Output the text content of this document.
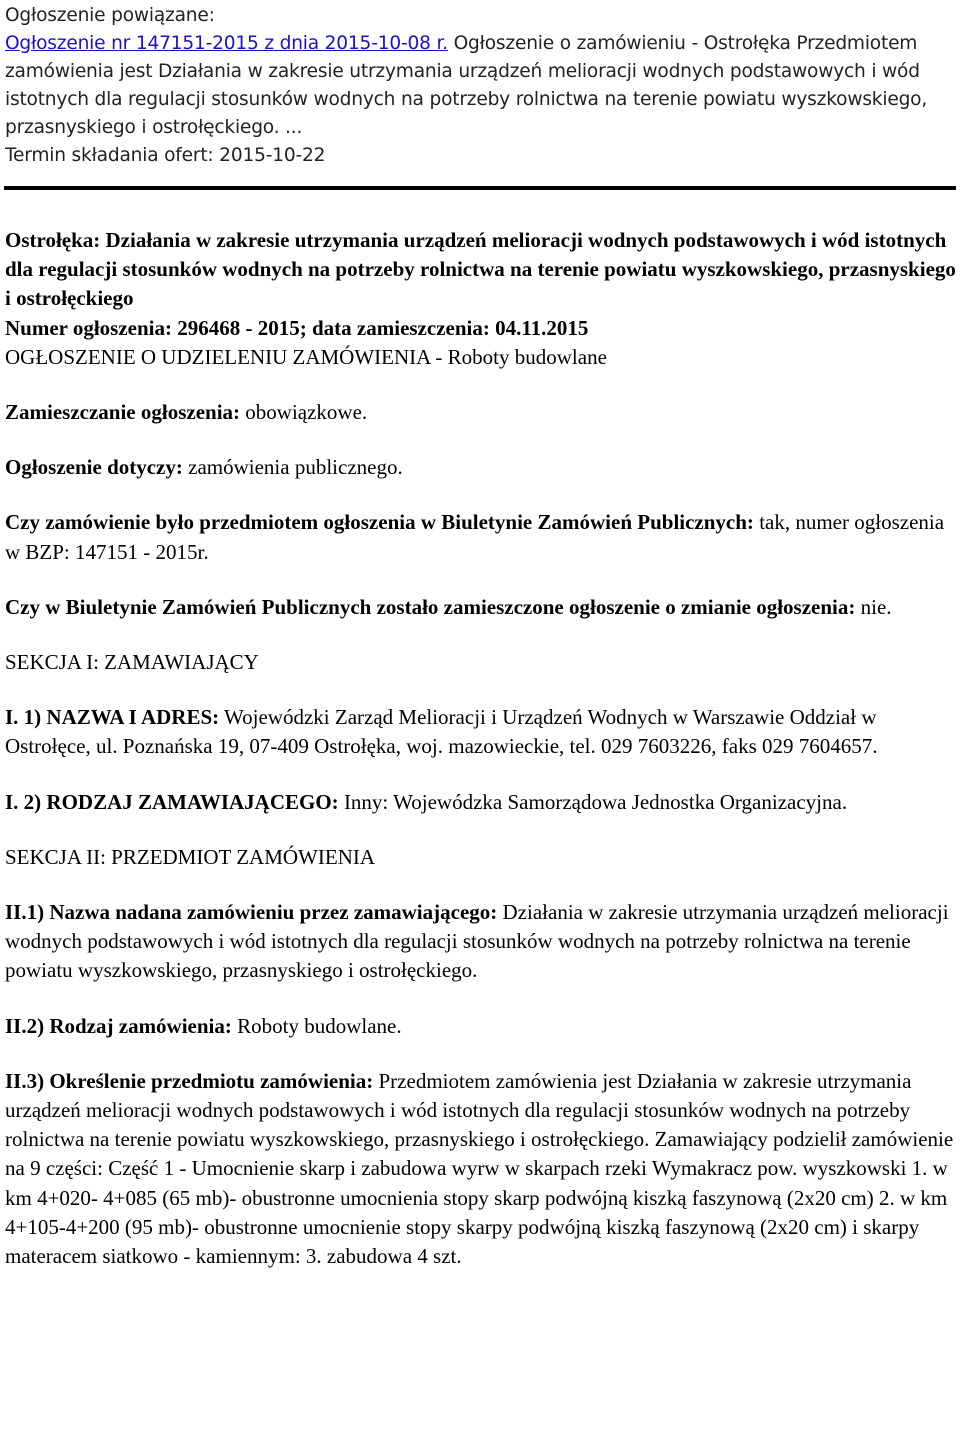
Ogłoszenie powiązane:
Ogłoszenie nr 147151-2015 z dnia 2015-10-08 r. Ogłoszenie o zamówieniu - Ostrołęka Przedmiotem zamówienia jest Działania w zakresie utrzymania urządzeń melioracji wodnych podstawowych i wód istotnych dla regulacji stosunków wodnych na potrzeby rolnictwa na terenie powiatu wyszkowskiego, przasnyskiego i ostrołęckiego. ...
Termin składania ofert: 2015-10-22
Ostrołęka: Działania w zakresie utrzymania urządzeń melioracji wodnych podstawowych i wód istotnych dla regulacji stosunków wodnych na potrzeby rolnictwa na terenie powiatu wyszkowskiego, przasnyskiego i ostrołęckiego
Numer ogłoszenia: 296468 - 2015; data zamieszczenia: 04.11.2015
OGŁOSZENIE O UDZIELENIU ZAMÓWIENIA - Roboty budowlane

Zamieszczanie ogłoszenia: obowiązkowe.

Ogłoszenie dotyczy: zamówienia publicznego.

Czy zamówienie było przedmiotem ogłoszenia w Biuletynie Zamówień Publicznych: tak, numer ogłoszenia w BZP: 147151 - 2015r.

Czy w Biuletynie Zamówień Publicznych zostało zamieszczone ogłoszenie o zmianie ogłoszenia: nie.

SEKCJA I: ZAMAWIAJĄCY

I. 1) NAZWA I ADRES: Wojewódzki Zarząd Melioracji i Urządzeń Wodnych w Warszawie Oddział w Ostrołęce, ul. Poznańska 19, 07-409 Ostrołęka, woj. mazowieckie, tel. 029 7603226, faks 029 7604657.

I. 2) RODZAJ ZAMAWIAJĄCEGO: Inny: Wojewódzka Samorządowa Jednostka Organizacyjna.

SEKCJA II: PRZEDMIOT ZAMÓWIENIA

II.1) Nazwa nadana zamówieniu przez zamawiającego: Działania w zakresie utrzymania urządzeń melioracji wodnych podstawowych i wód istotnych dla regulacji stosunków wodnych na potrzeby rolnictwa na terenie powiatu wyszkowskiego, przasnyskiego i ostrołęckiego.

II.2) Rodzaj zamówienia: Roboty budowlane.

II.3) Określenie przedmiotu zamówienia: Przedmiotem zamówienia jest Działania w zakresie utrzymania urządzeń melioracji wodnych podstawowych i wód istotnych dla regulacji stosunków wodnych na potrzeby rolnictwa na terenie powiatu wyszkowskiego, przasnyskiego i ostrołęckiego. Zamawiający podzielił zamówienie na 9 części: Część 1 - Umocnienie skarp i zabudowa wyrw w skarpach rzeki Wymakracz pow. wyszkowski 1. w km 4+020- 4+085 (65 mb)- obustronne umocnienia stopy skarp podwójną kiszką faszynową (2x20 cm) 2. w km 4+105-4+200 (95 mb)- obustronne umocnienie stopy skarpy podwójną kiszką faszynową (2x20 cm) i skarpy materacem siatkowo - kamiennym: 3. zabudowa 4 szt.
